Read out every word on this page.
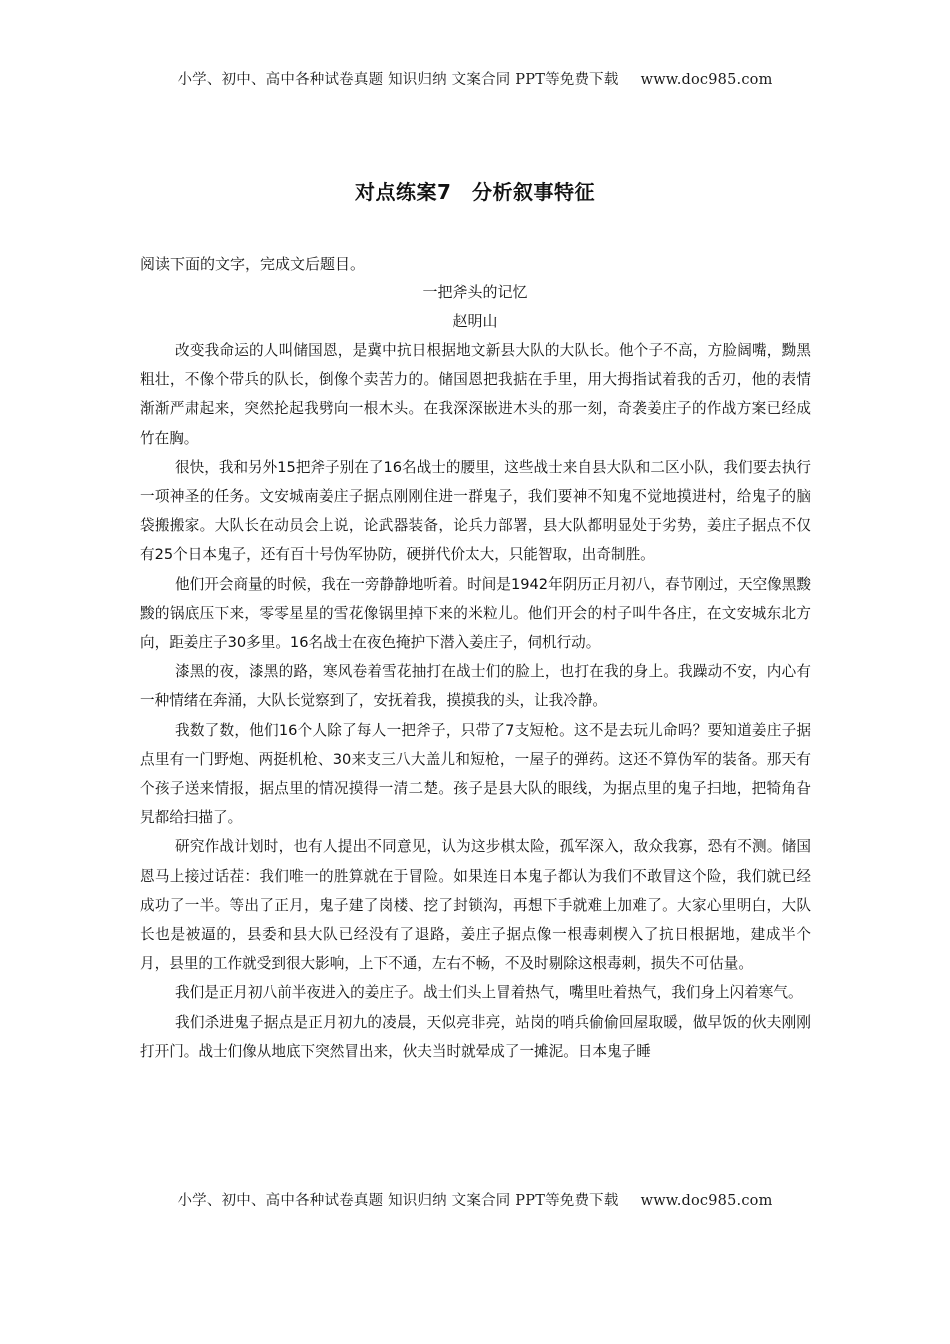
小学、初中、高中各种试卷真题 知识归纳 文案合同 PPT等免费下载 www.doc985.com
对点练案7　分析叙事特征
阅读下面的文字，完成文后题目。
一把斧头的记忆
赵明山

改变我命运的人叫储国恩，是冀中抗日根据地文新县大队的大队长。他个子不高，方脸阔嘴，黝黑粗壮，不像个带兵的队长，倒像个卖苦力的。储国恩把我掂在手里，用大拇指试着我的舌刃，他的表情渐渐严肃起来，突然抡起我劈向一根木头。在我深深嵌进木头的那一刻，奇袭姜庄子的作战方案已经成竹在胸。

很快，我和另外15把斧子别在了16名战士的腰里，这些战士来自县大队和二区小队，我们要去执行一项神圣的任务。文安城南姜庄子据点刚刚住进一群鬼子，我们要神不知鬼不觉地摸进村，给鬼子的脑袋搬搬家。大队长在动员会上说，论武器装备，论兵力部署，县大队都明显处于劣势，姜庄子据点不仅有25个日本鬼子，还有百十号伪军协防，硬拼代价太大，只能智取，出奇制胜。

他们开会商量的时候，我在一旁静静地听着。时间是1942年阴历正月初八，春节刚过，天空像黑黢黢的锅底压下来，零零星星的雪花像锅里掉下来的米粒儿。他们开会的村子叫牛各庄，在文安城东北方向，距姜庄子30多里。16名战士在夜色掩护下潜入姜庄子，伺机行动。

漆黑的夜，漆黑的路，寒风卷着雪花抽打在战士们的脸上，也打在我的身上。我躁动不安，内心有一种情绪在奔涌，大队长觉察到了，安抚着我，摸摸我的头，让我冷静。

我数了数，他们16个人除了每人一把斧子，只带了7支短枪。这不是去玩儿命吗？要知道姜庄子据点里有一门野炮、两挺机枪、30来支三八大盖儿和短枪，一屋子的弹药。这还不算伪军的装备。那天有个孩子送来情报，据点里的情况摸得一清二楚。孩子是县大队的眼线，为据点里的鬼子扫地，把犄角旮旯都给扫描了。

研究作战计划时，也有人提出不同意见，认为这步棋太险，孤军深入，敌众我寡，恐有不测。储国恩马上接过话茬：我们唯一的胜算就在于冒险。如果连日本鬼子都认为我们不敢冒这个险，我们就已经成功了一半。等出了正月，鬼子建了岗楼、挖了封锁沟，再想下手就难上加难了。大家心里明白，大队长也是被逼的，县委和县大队已经没有了退路，姜庄子据点像一根毒刺楔入了抗日根据地，建成半个月，县里的工作就受到很大影响，上下不通，左右不畅，不及时剔除这根毒刺，损失不可估量。

我们是正月初八前半夜进入的姜庄子。战士们头上冒着热气，嘴里吐着热气，我们身上闪着寒气。

我们杀进鬼子据点是正月初九的凌晨，天似亮非亮，站岗的哨兵偷偷回屋取暖，做早饭的伙夫刚刚打开门。战士们像从地底下突然冒出来，伙夫当时就晕成了一摊泥。日本鬼子睡

小学、初中、高中各种试卷真题 知识归纳 文案合同 PPT等免费下载 www.doc985.com
